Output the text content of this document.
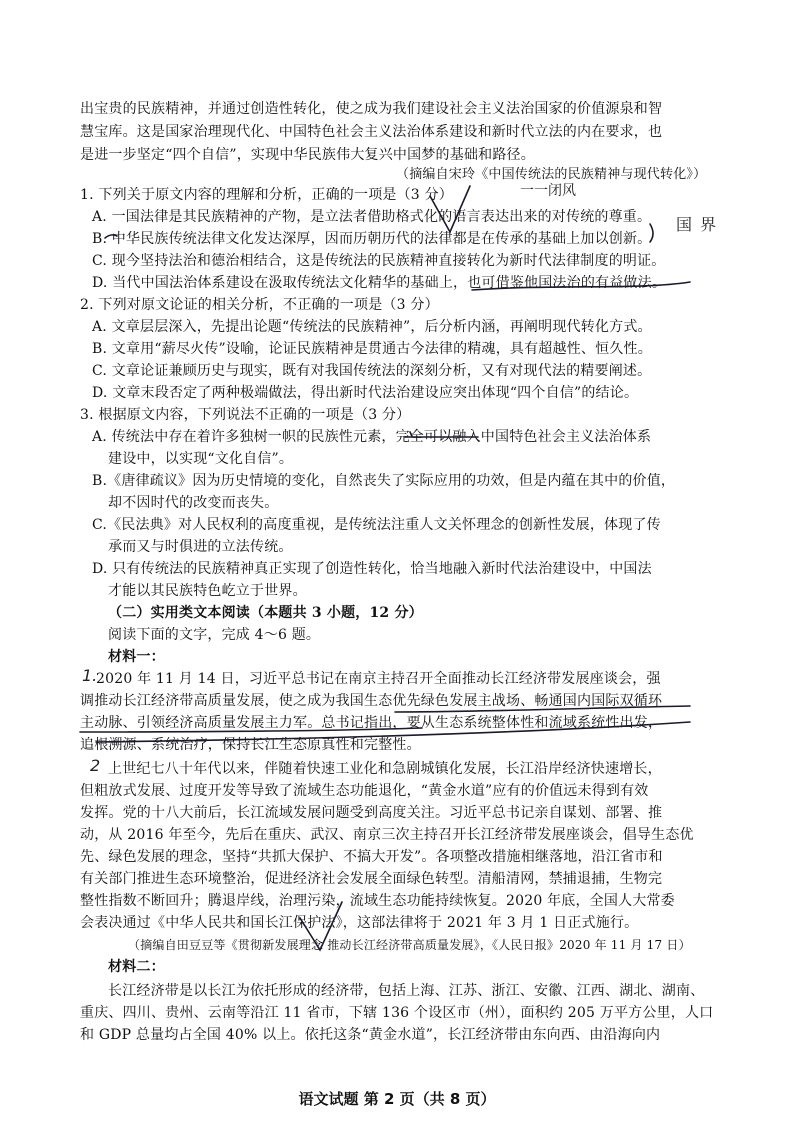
出宝贵的民族精神，并通过创造性转化，使之成为我们建设社会主义法治国家的价值源泉和智
慧宝库。这是国家治理现代化、中国特色社会主义法治体系建设和新时代立法的内在要求，也
是进一步坚定“四个自信”，实现中华民族伟大复兴中国梦的基础和路径。
（摘编自宋玲《中国传统法的民族精神与现代转化》）
1. 下列关于原文内容的理解和分析，正确的一项是（3 分）
A. 一国法律是其民族精神的产物，是立法者借助格式化的语言表达出来的对传统的尊重。
B. 中华民族传统法律文化发达深厚，因而历朝历代的法律都是在传承的基础上加以创新。
C. 现今坚持法治和德治相结合，这是传统法的民族精神直接转化为新时代法律制度的明证。
D. 当代中国法治体系建设在汲取传统法文化精华的基础上，也可借鉴他国法治的有益做法。
2. 下列对原文论证的相关分析，不正确的一项是（3 分）
A. 文章层层深入，先提出论题“传统法的民族精神”，后分析内涵，再阐明现代转化方式。
B. 文章用“薪尽火传”设喻，论证民族精神是贯通古今法律的精魂，具有超越性、恒久性。
C. 文章论证兼顾历史与现实，既有对我国传统法的深刻分析，又有对现代法的精要阐述。
D. 文章末段否定了两种极端做法，得出新时代法治建设应突出体现“四个自信”的结论。
3. 根据原文内容，下列说法不正确的一项是（3 分）
A. 传统法中存在着许多独树一帜的民族性元素，完全可以融入中国特色社会主义法治体系
建设中，以实现“文化自信”。
B.《唐律疏议》因为历史情境的变化，自然丧失了实际应用的功效，但是内蕴在其中的价值，
却不因时代的改变而丧失。
C.《民法典》对人民权利的高度重视，是传统法注重人文关怀理念的创新性发展，体现了传
承而又与时俱进的立法传统。
D. 只有传统法的民族精神真正实现了创造性转化，恰当地融入新时代法治建设中，中国法
才能以其民族特色屹立于世界。
（二）实用类文本阅读（本题共 3 小题，12 分）
阅读下面的文字，完成 4～6 题。
材料一：
2020 年 11 月 14 日，习近平总书记在南京主持召开全面推动长江经济带发展座谈会，强
调推动长江经济带高质量发展，使之成为我国生态优先绿色发展主战场、畅通国内国际双循环
主动脉、引领经济高质量发展主力军。总书记指出，要从生态系统整体性和流域系统性出发，
追根溯源、系统治疗，保持长江生态原真性和完整性。
上世纪七八十年代以来，伴随着快速工业化和急剧城镇化发展，长江沿岸经济快速增长，
但粗放式发展、过度开发等导致了流域生态功能退化，“黄金水道”应有的价值远未得到有效
发挥。党的十八大前后，长江流域发展问题受到高度关注。习近平总书记亲自谋划、部署、推
动，从 2016 年至今，先后在重庆、武汉、南京三次主持召开长江经济带发展座谈会，倡导生态优
先、绿色发展的理念，坚持“共抓大保护、不搞大开发”。各项整改措施相继落地，沿江省市和
有关部门推进生态环境整治，促进经济社会发展全面绿色转型。清船清网，禁捕退捕，生物完
整性指数不断回升；腾退岸线，治理污染，流域生态功能持续恢复。2020 年底，全国人大常委
会表决通过《中华人民共和国长江保护法》，这部法律将于 2021 年 3 月 1 日正式施行。
（摘编自田豆豆等《贯彻新发展理念 推动长江经济带高质量发展》，《人民日报》2020 年 11 月 17 日）
材料二：
长江经济带是以长江为依托形成的经济带，包括上海、江苏、浙江、安徽、江西、湖北、湖南、
重庆、四川、贵州、云南等沿江 11 省市，下辖 136 个设区市（州），面积约 205 万平方公里，人口
和 GDP 总量均占全国 40% 以上。依托这条“黄金水道”，长江经济带由东向西、由沿海向内
语文试题 第 2 页（共 8 页）
国 界
一一闭风
1.
2
